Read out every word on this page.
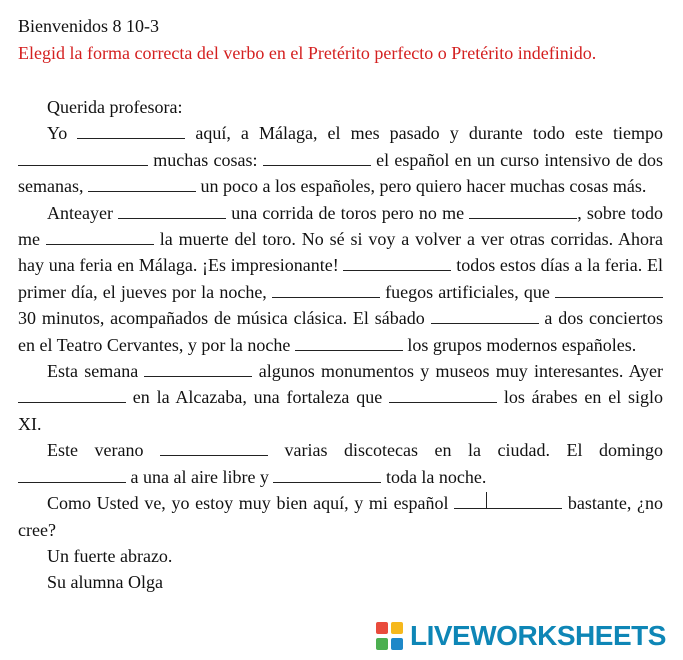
Bienvenidos 8 10-3
Elegid la forma correcta del verbo en el Pretérito perfecto o Pretérito indefinido.

Querida profesora:

Yo	aquí, a Málaga, el mes pasado y durante todo este tiempo  muchas cosas:	el español en un curso intensivo de dos semanas,	un poco a los españoles, pero quiero hacer muchas cosas más.

Anteayer	una corrida de toros pero no me	, sobre todo me	la muerte del toro. No sé si voy a volver a ver otras corridas. Ahora hay una feria en Málaga. ¡Es impresionante!	todos estos días a la feria. El primer día, el jueves por la noche,	fuegos artificiales, que  30 minutos, acompañados de música clásica. El sábado	a dos conciertos en el Teatro Cervantes, y por la noche	los grupos modernos españoles.

Esta semana	algunos monumentos y museos muy interesantes. Ayer  en la Alcazaba, una fortaleza que	los árabes en el siglo XI.

Este verano	varias discotecas en la ciudad. El domingo  a una al aire libre y	toda la noche.

Como Usted ve, yo estoy muy bien aquí, y mi español	bastante, ¿no cree?

Un fuerte abrazo.

Su alumna Olga

LIVEWORKSHEETS
